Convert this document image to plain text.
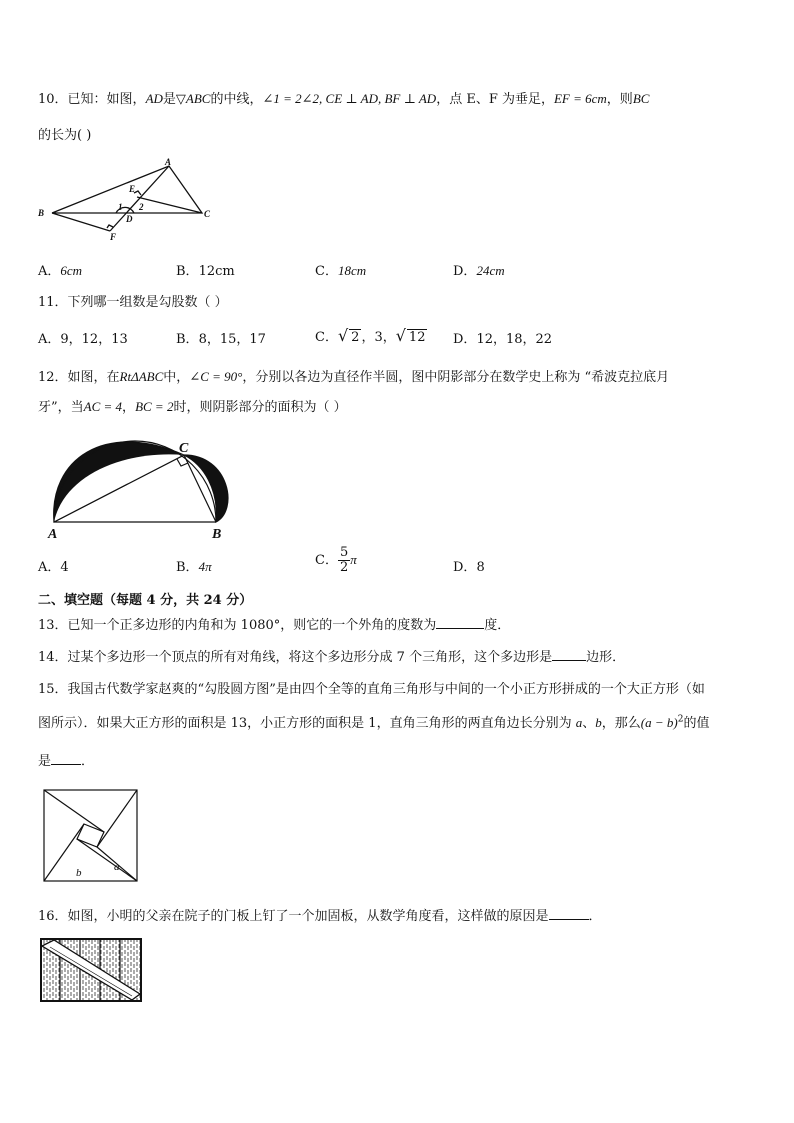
10．已知：如图，AD是▽ABC的中线，∠1 = 2∠2, CE ⊥ AD, BF ⊥ AD，点 E、F 为垂足，EF = 6cm，则BC
的长为( )
A
B	C
D
E
F
1 2
A．6cm	B．12cm	C．18cm	D．24cm
11．下列哪一组数是勾股数（ ）
A．9，12，13	B．8，15，17	C．√ 2 ，3，√ 12 D．12，18，22
12．如图，在RtΔABC中，∠C = 90°，分别以各边为直径作半圆，图中阴影部分在数学史上称为 “希波克拉底月
牙”，当AC = 4，BC = 2时，则阴影部分的面积为（ ）
A	B
C
A．4	B．4π	C． $\frac{5}{2}$ π
D．8
二、填空题（每题 4 分，共 24 分）
13．已知一个正多边形的内角和为 1080°，则它的一个外角的度数为	度．
14．过某个多边形一个顶点的所有对角线，将这个多边形分成 7 个三角形，这个多边形是	边形．
15．我国古代数学家赵爽的“勾股圆方图”是由四个全等的直角三角形与中间的一个小正方形拼成的一个大正方形（如
图所示）．如果大正方形的面积是 13，小正方形的面积是 1，直角三角形的两直角边长分别为 a、b，那么$(a - b)^2$的值
是 ．
a
b
16．如图，小明的父亲在院子的门板上钉了一个加固板，从数学角度看，这样做的原因是	．
